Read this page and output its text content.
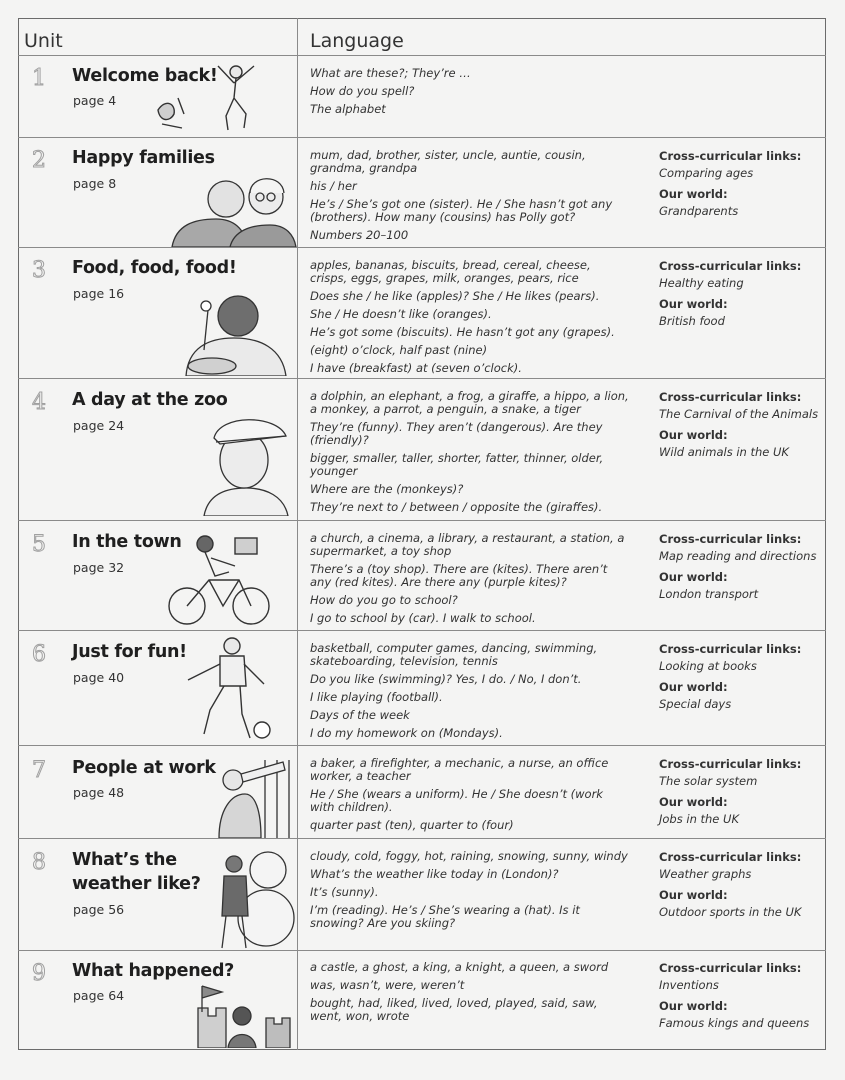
Unit	Language
1 Welcome back!
page 4
What are these?; They’re …
How do you spell?
The alphabet
2 Happy families
page 8
mum, dad, brother, sister, uncle, auntie, cousin, grandma, grandpa
his / her
He’s / She’s got one (sister). He / She hasn’t got any (brothers). How many (cousins) has Polly got?
Numbers 20–100
Cross-curricular links:
Comparing ages
Our world:
Grandparents
3 Food, food, food!
page 16
apples, bananas, biscuits, bread, cereal, cheese, crisps, eggs, grapes, milk, oranges, pears, rice
Does she / he like (apples)? She / He likes (pears).
She / He doesn’t like (oranges).
He’s got some (biscuits). He hasn’t got any (grapes).
(eight) o’clock, half past (nine)
I have (breakfast) at (seven o’clock).
Cross-curricular links:
Healthy eating
Our world:
British food
4 A day at the zoo
page 24
a dolphin, an elephant, a frog, a giraffe, a hippo, a lion, a monkey, a parrot, a penguin, a snake, a tiger
They’re (funny). They aren’t (dangerous). Are they (friendly)?
bigger, smaller, taller, shorter, fatter, thinner, older, younger
Where are the (monkeys)?
They’re next to / between / opposite the (giraffes).
Cross-curricular links:
The Carnival of the Animals
Our world:
Wild animals in the UK
5 In the town
page 32
a church, a cinema, a library, a restaurant, a station, a supermarket, a toy shop
There’s a (toy shop). There are (kites). There aren’t any (red kites). Are there any (purple kites)?
How do you go to school?
I go to school by (car). I walk to school.
Cross-curricular links:
Map reading and directions
Our world:
London transport
6 Just for fun!
page 40
basketball, computer games, dancing, swimming, skateboarding, television, tennis
Do you like (swimming)? Yes, I do. / No, I don’t.
I like playing (football).
Days of the week
I do my homework on (Mondays).
Cross-curricular links:
Looking at books
Our world:
Special days
7 People at work
page 48
a baker, a firefighter, a mechanic, a nurse, an office worker, a teacher
He / She (wears a uniform). He / She doesn’t (work with children).
quarter past (ten), quarter to (four)
Cross-curricular links:
The solar system
Our world:
Jobs in the UK
8 What’s the
weather like?
page 56
cloudy, cold, foggy, hot, raining, snowing, sunny, windy
What’s the weather like today in (London)?
It’s (sunny).
I’m (reading). He’s / She’s wearing a (hat). Is it snowing? Are you skiing?
Cross-curricular links:
Weather graphs
Our world:
Outdoor sports in the UK
9 What happened?
page 64
a castle, a ghost, a king, a knight, a queen, a sword
was, wasn’t, were, weren’t
bought, had, liked, lived, loved, played, said, saw, went, won, wrote
Cross-curricular links:
Inventions
Our world:
Famous kings and queens
